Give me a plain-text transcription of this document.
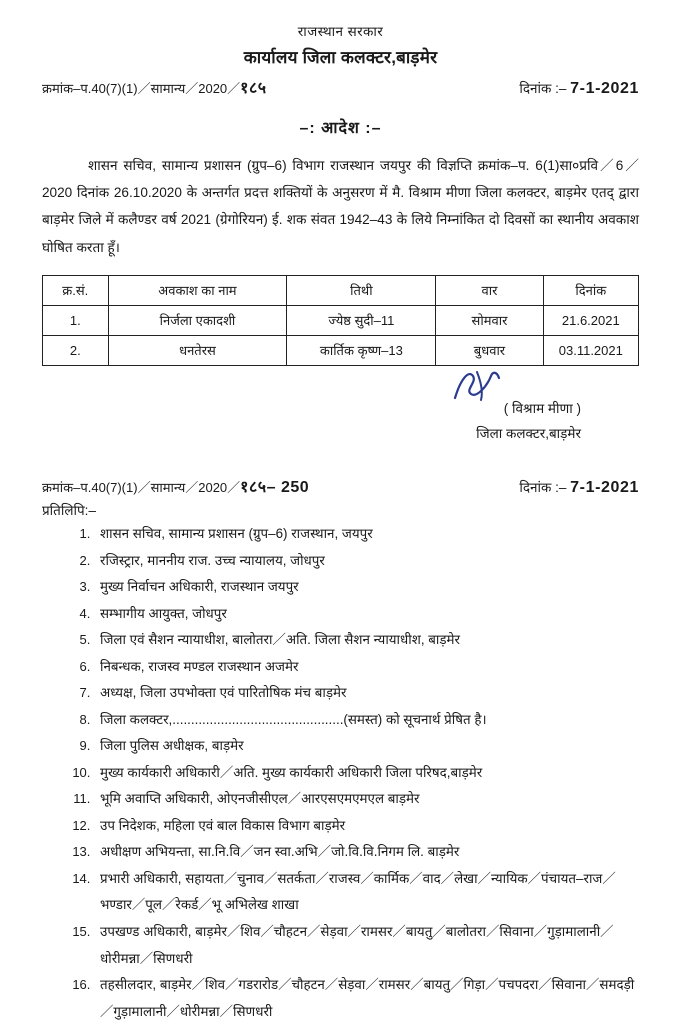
राजस्थान सरकार
कार्यालय जिला कलक्टर,बाड़मेर
क्रमांक–प.40(7)(1)／सामान्य／2020／१८५	दिनांक :– 7-1-2021
–: आदेश :–
शासन सचिव, सामान्य प्रशासन (ग्रुप–6) विभाग राजस्थान जयपुर की विज्ञप्ति क्रमांक–प. 6(1)सा०प्रवि／6／2020 दिनांक 26.10.2020 के अन्तर्गत प्रदत्त शक्तियों के अनुसरण में मै. विश्राम मीणा जिला कलक्टर, बाड़मेर एतद् द्वारा बाड़मेर जिले में कलैण्डर वर्ष 2021 (ग्रेगोरियन) ई. शक संवत 1942–43 के लिये निम्नांकित दो दिवसों का स्थानीय अवकाश घोषित करता हूँ।
क्र.सं.	अवकाश का नाम	तिथी	वार	दिनांक
1.	निर्जला एकादशी	ज्येष्ठ सुदी–11	सोमवार	21.6.2021
2.	धनतेरस	कार्तिक कृष्ण–13	बुधवार	03.11.2021
( विश्राम मीणा )
जिला कलक्टर,बाड़मेर
क्रमांक–प.40(7)(1)／सामान्य／2020／१८५– 250	दिनांक :– 7-1-2021
प्रतिलिपि:–
1. शासन सचिव, सामान्य प्रशासन (ग्रुप–6) राजस्थान, जयपुर
2. रजिस्ट्रार, माननीय राज. उच्च न्यायालय, जोधपुर
3. मुख्य निर्वाचन अधिकारी, राजस्थान जयपुर
4. सम्भागीय आयुक्त, जोधपुर
5. जिला एवं सैशन न्यायाधीश, बालोतरा／अति. जिला सैशन न्यायाधीश, बाड़मेर
6. निबन्धक, राजस्व मण्डल राजस्थान अजमेर
7. अध्यक्ष, जिला उपभोक्ता एवं पारितोषिक मंच बाड़मेर
8. जिला कलक्टर,..............................................(समस्त) को सूचनार्थ प्रेषित है।
9. जिला पुलिस अधीक्षक, बाड़मेर
10. मुख्य कार्यकारी अधिकारी／अति. मुख्य कार्यकारी अधिकारी जिला परिषद,बाड़मेर
11. भूमि अवाप्ति अधिकारी, ओएनजीसीएल／आरएसएमएमएल बाड़मेर
12. उप निदेशक, महिला एवं बाल विकास विभाग बाड़मेर
13. अधीक्षण अभियन्ता, सा.नि.वि／जन स्वा.अभि／जो.वि.वि.निगम लि. बाड़मेर
14. प्रभारी अधिकारी, सहायता／चुनाव／सतर्कता／राजस्व／कार्मिक／वाद／लेखा／न्यायिक／पंचायत–राज／भण्डार／पूल／रेकर्ड／भू अभिलेख शाखा
15. उपखण्ड अधिकारी, बाड़मेर／शिव／चौहटन／सेड़वा／रामसर／बायतु／बालोतरा／सिवाना／गुड़ामालानी／धोरीमन्ना／सिणधरी
16. तहसीलदार, बाड़मेर／शिव／गडरारोड／चौहटन／सेड़वा／रामसर／बायतु／गिड़ा／पचपदरा／सिवाना／समदड़ी／गुड़ामालानी／धोरीमन्ना／सिणधरी
